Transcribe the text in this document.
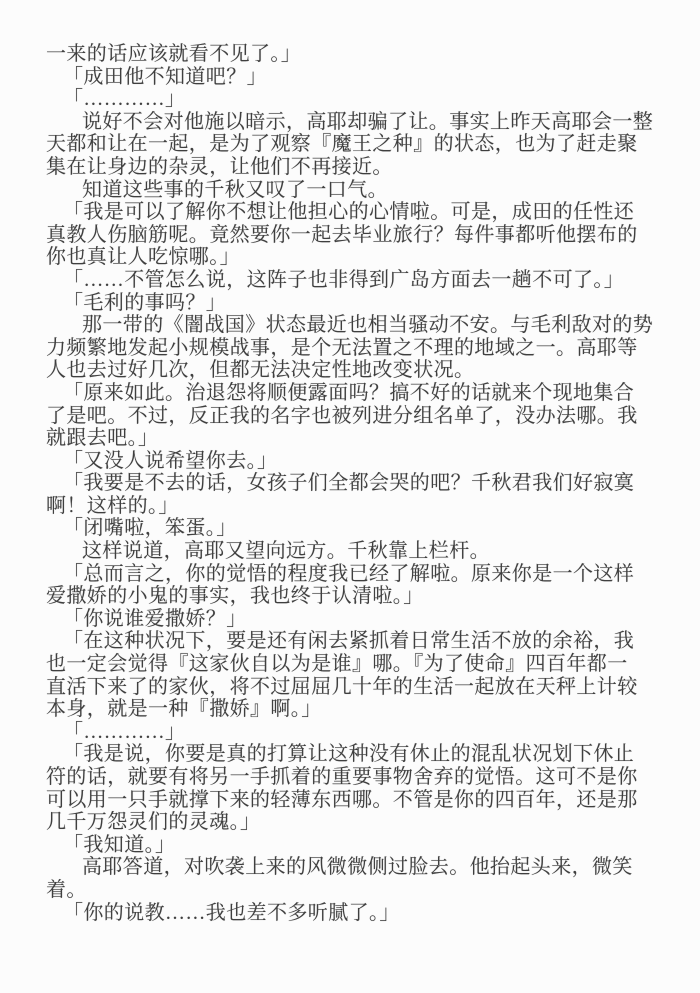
一来的话应该就看不见了。」
「成田他不知道吧？」
「…………」
说好不会对他施以暗示，高耶却骗了让。事实上昨天高耶会一整
天都和让在一起，是为了观察『魔王之种』的状态，也为了赶走聚
集在让身边的杂灵，让他们不再接近。
知道这些事的千秋又叹了一口气。
「我是可以了解你不想让他担心的心情啦。可是，成田的任性还
真教人伤脑筋呢。竟然要你一起去毕业旅行？每件事都听他摆布的
你也真让人吃惊哪。」
「……不管怎么说，这阵子也非得到广岛方面去一趟不可了。」
「毛利的事吗？」
那一带的《闇战国》状态最近也相当骚动不安。与毛利敌对的势
力频繁地发起小规模战事，是个无法置之不理的地域之一。高耶等
人也去过好几次，但都无法决定性地改变状况。
「原来如此。治退怨将顺便露面吗？搞不好的话就来个现地集合
了是吧。不过，反正我的名字也被列进分组名单了，没办法哪。我
就跟去吧。」
「又没人说希望你去。」
「我要是不去的话，女孩子们全都会哭的吧？千秋君我们好寂寞
啊！这样的。」
「闭嘴啦，笨蛋。」
这样说道，高耶又望向远方。千秋靠上栏杆。
「总而言之，你的觉悟的程度我已经了解啦。原来你是一个这样
爱撒娇的小鬼的事实，我也终于认清啦。」
「你说谁爱撒娇？」
「在这种状况下，要是还有闲去紧抓着日常生活不放的余裕，我
也一定会觉得『这家伙自以为是谁』哪。『为了使命』四百年都一
直活下来了的家伙，将不过屈屈几十年的生活一起放在天秤上计较
本身，就是一种『撒娇』啊。」
「…………」
「我是说，你要是真的打算让这种没有休止的混乱状况划下休止
符的话，就要有将另一手抓着的重要事物舍弃的觉悟。这可不是你
可以用一只手就撑下来的轻薄东西哪。不管是你的四百年，还是那
几千万怨灵们的灵魂。」
「我知道。」
高耶答道，对吹袭上来的风微微侧过脸去。他抬起头来，微笑
着。
「你的说教……我也差不多听腻了。」
